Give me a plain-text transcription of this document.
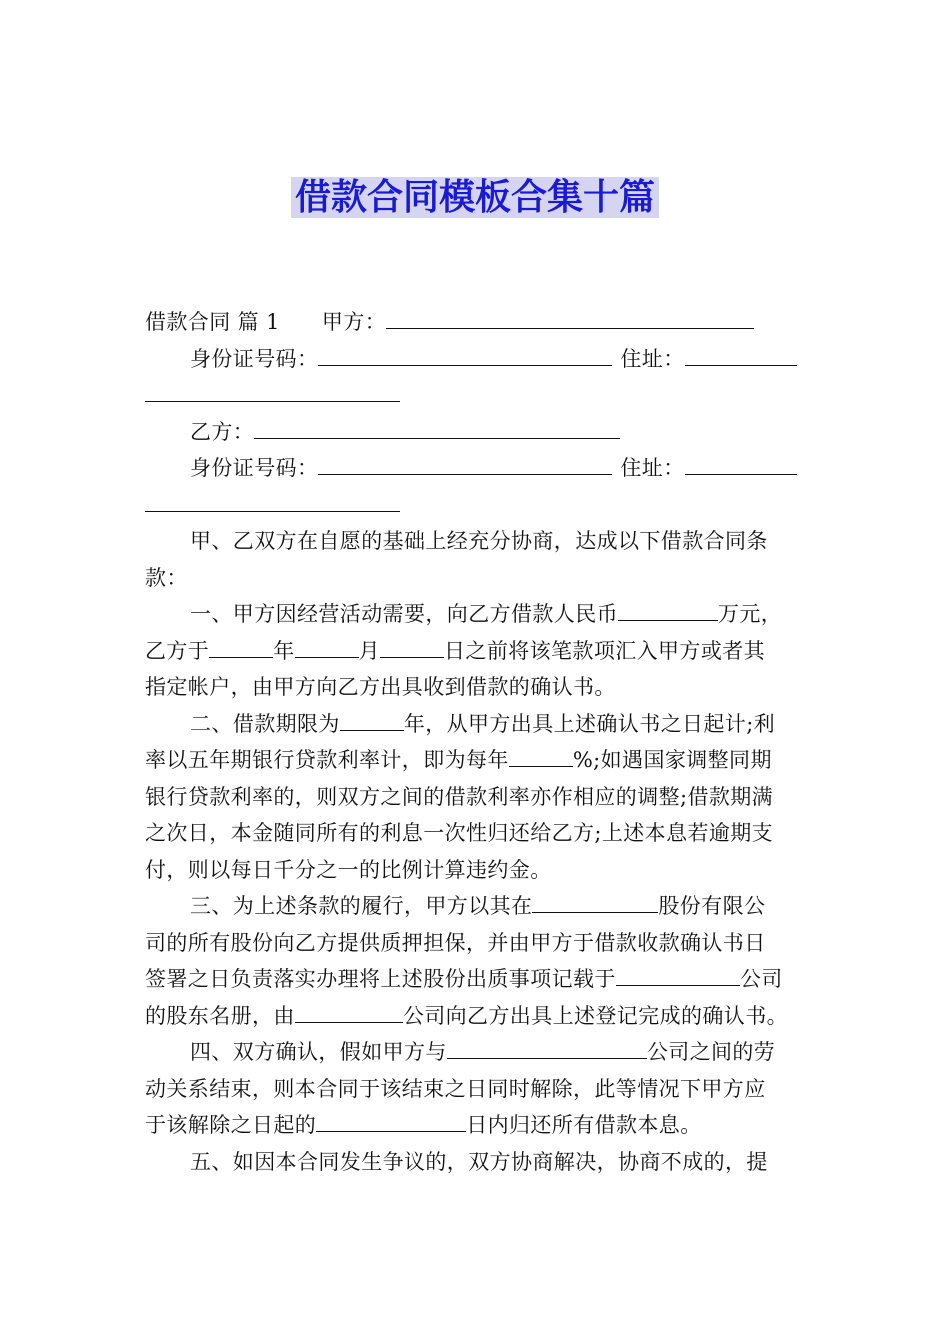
借款合同模板合集十篇
借款合同 篇 1 甲方：
身份证号码：	住址：
乙方：
身份证号码：	住址：
甲、乙双方在自愿的基础上经充分协商，达成以下借款合同条
款：
一、甲方因经营活动需要，向乙方借款人民币	万元，
乙方于	年	月	日之前将该笔款项汇入甲方或者其
指定帐户，由甲方向乙方出具收到借款的确认书。
二、借款期限为	年，从甲方出具上述确认书之日起计;利
率以五年期银行贷款利率计，即为每年	%;如遇国家调整同期
银行贷款利率的，则双方之间的借款利率亦作相应的调整;借款期满
之次日，本金随同所有的利息一次性归还给乙方;上述本息若逾期支
付，则以每日千分之一的比例计算违约金。
三、为上述条款的履行，甲方以其在	股份有限公
司的所有股份向乙方提供质押担保，并由甲方于借款收款确认书日
签署之日负责落实办理将上述股份出质事项记载于	公司
的股东名册，由	公司向乙方出具上述登记完成的确认书。
四、双方确认，假如甲方与	公司之间的劳
动关系结束，则本合同于该结束之日同时解除，此等情况下甲方应
于该解除之日起的	日内归还所有借款本息。
五、如因本合同发生争议的，双方协商解决，协商不成的，提
